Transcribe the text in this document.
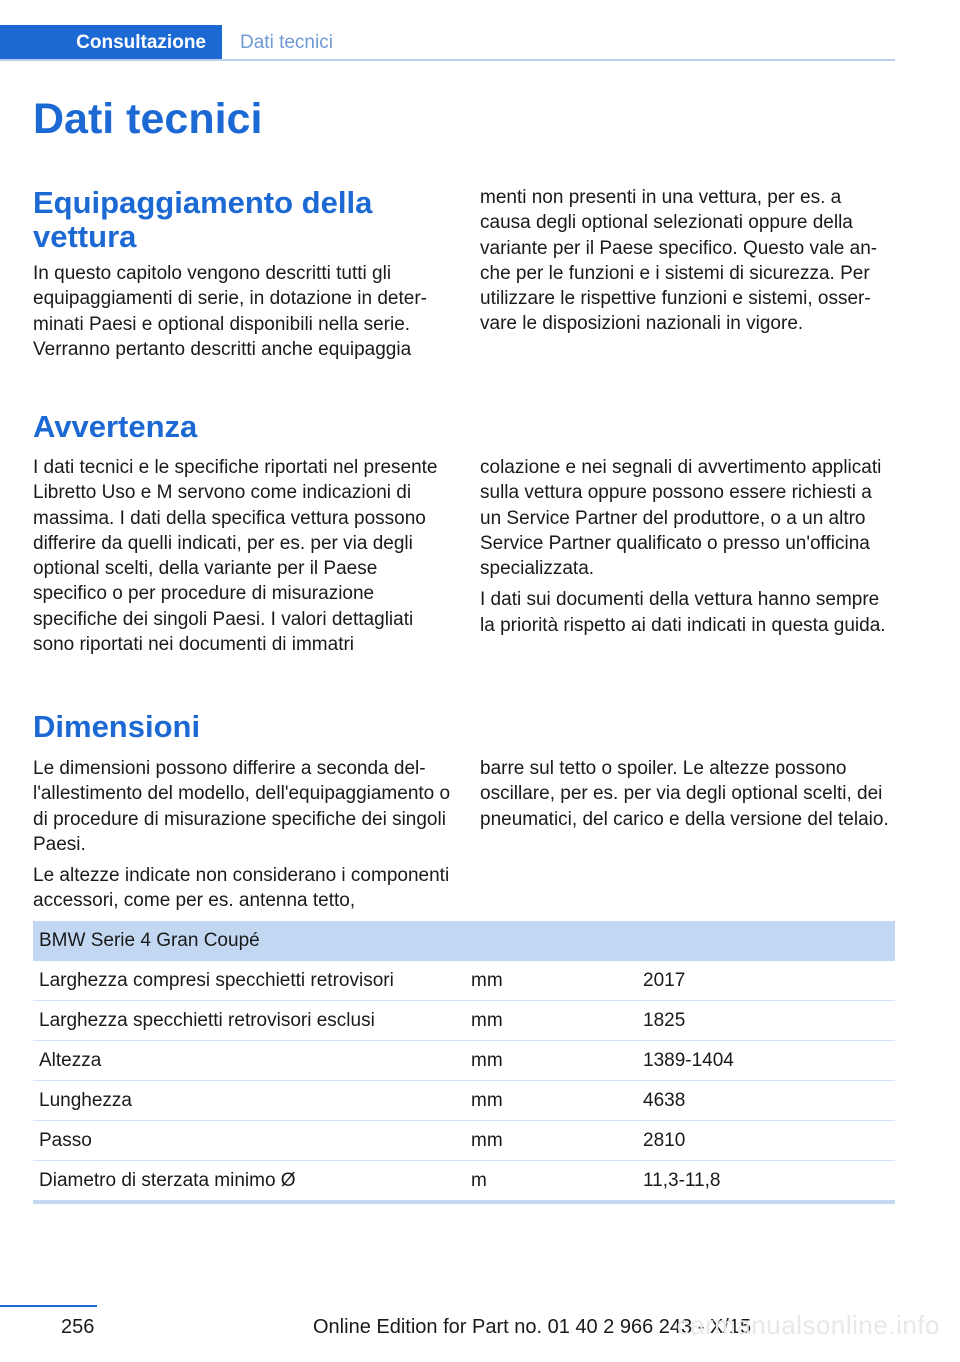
Consultazione	Dati tecnici
Dati tecnici
Equipaggiamento della
vettura

In questo capitolo vengono descritti tutti gli equipaggiamenti di serie, in dotazione in determinati Paesi e optional disponibili nella serie. Verranno pertanto descritti anche equipaggia

menti non presenti in una vettura, per es. a causa degli optional selezionati oppure della variante per il Paese specifico. Questo vale anche per le funzioni e i sistemi di sicurezza. Per utilizzare le rispettive funzioni e sistemi, osservare le disposizioni nazionali in vigore.

Avvertenza

I dati tecnici e le specifiche riportati nel presente Libretto Uso e M servono come indicazioni di massima. I dati della specifica vettura possono differire da quelli indicati, per es. per via degli optional scelti, della variante per il Paese specifico o per procedure di misurazione specifiche dei singoli Paesi. I valori dettagliati sono riportati nei documenti di immatri

colazione e nei segnali di avvertimento applicati sulla vettura oppure possono essere richiesti a un Service Partner del produttore, o a un altro Service Partner qualificato o presso un'officina specializzata.

I dati sui documenti della vettura hanno sempre la priorità rispetto ai dati indicati in questa guida.

Dimensioni

Le dimensioni possono differire a seconda dell'allestimento del modello, dell'equipaggiamento o di procedure di misurazione specifiche dei singoli Paesi.

Le altezze indicate non considerano i componenti accessori, come per es. antenna tetto,

barre sul tetto o spoiler. Le altezze possono oscillare, per es. per via degli optional scelti, dei pneumatici, del carico e della versione del telaio.

BMW Serie 4 Gran Coupé		
Larghezza compresi specchietti retrovisori	mm	2017
Larghezza specchietti retrovisori esclusi	mm	1825
Altezza	mm	1389-1404
Lunghezza	mm	4638
Passo	mm	2810
Diametro di sterzata minimo Ø	m	11,3-11,8
256	Online Edition for Part no. 01 40 2 966 243 - X/15
carmanualsonline.info
